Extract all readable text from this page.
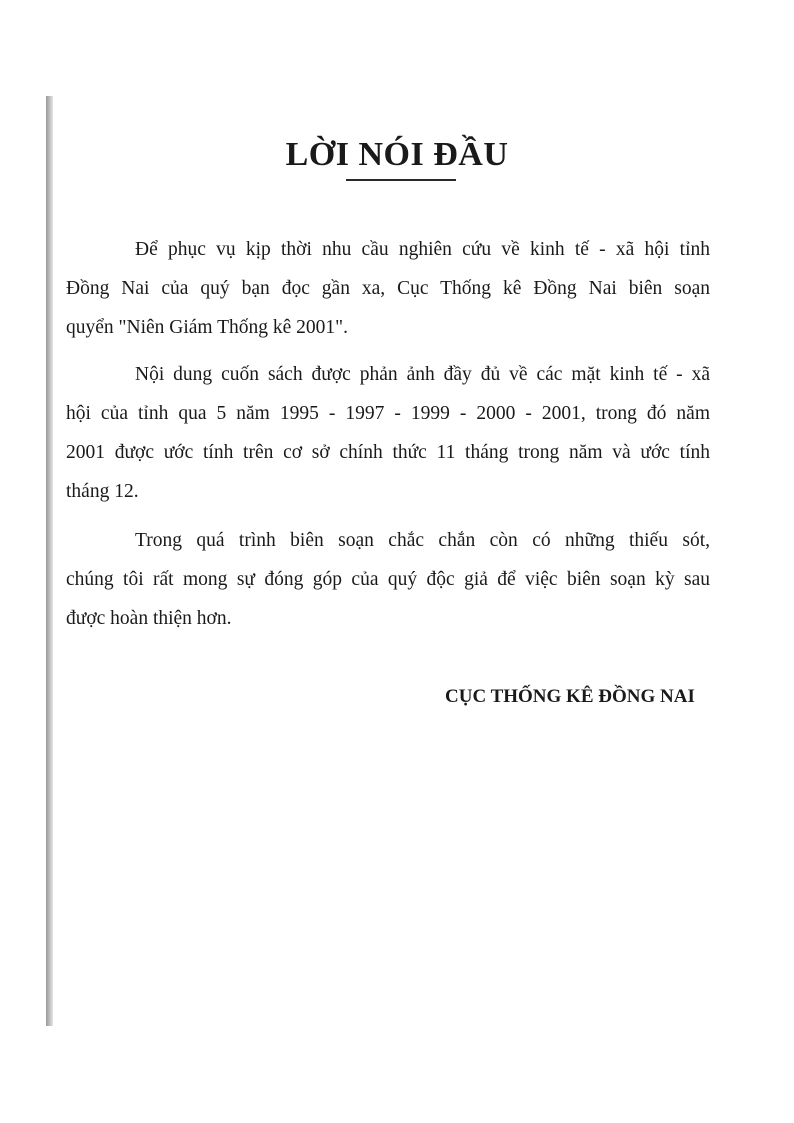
LỜI NÓI ĐẦU

Để phục vụ kịp thời nhu cầu nghiên cứu về kinh tế - xã hội tỉnh
Đồng Nai của quý bạn đọc gần xa, Cục Thống kê Đồng Nai biên soạn
quyển "Niên Giám Thống kê 2001".

Nội dung cuốn sách được phản ảnh đầy đủ về các mặt kinh tế - xã
hội của tỉnh qua 5 năm 1995 - 1997 - 1999 - 2000 - 2001, trong đó năm
2001 được ước tính trên cơ sở chính thức 11 tháng trong năm và ước tính
tháng 12.

Trong quá trình biên soạn chắc chắn còn có những thiếu sót,
chúng tôi rất mong sự đóng góp của quý độc giả để việc biên soạn kỳ sau
được hoàn thiện hơn.

CỤC THỐNG KÊ ĐỒNG NAI
